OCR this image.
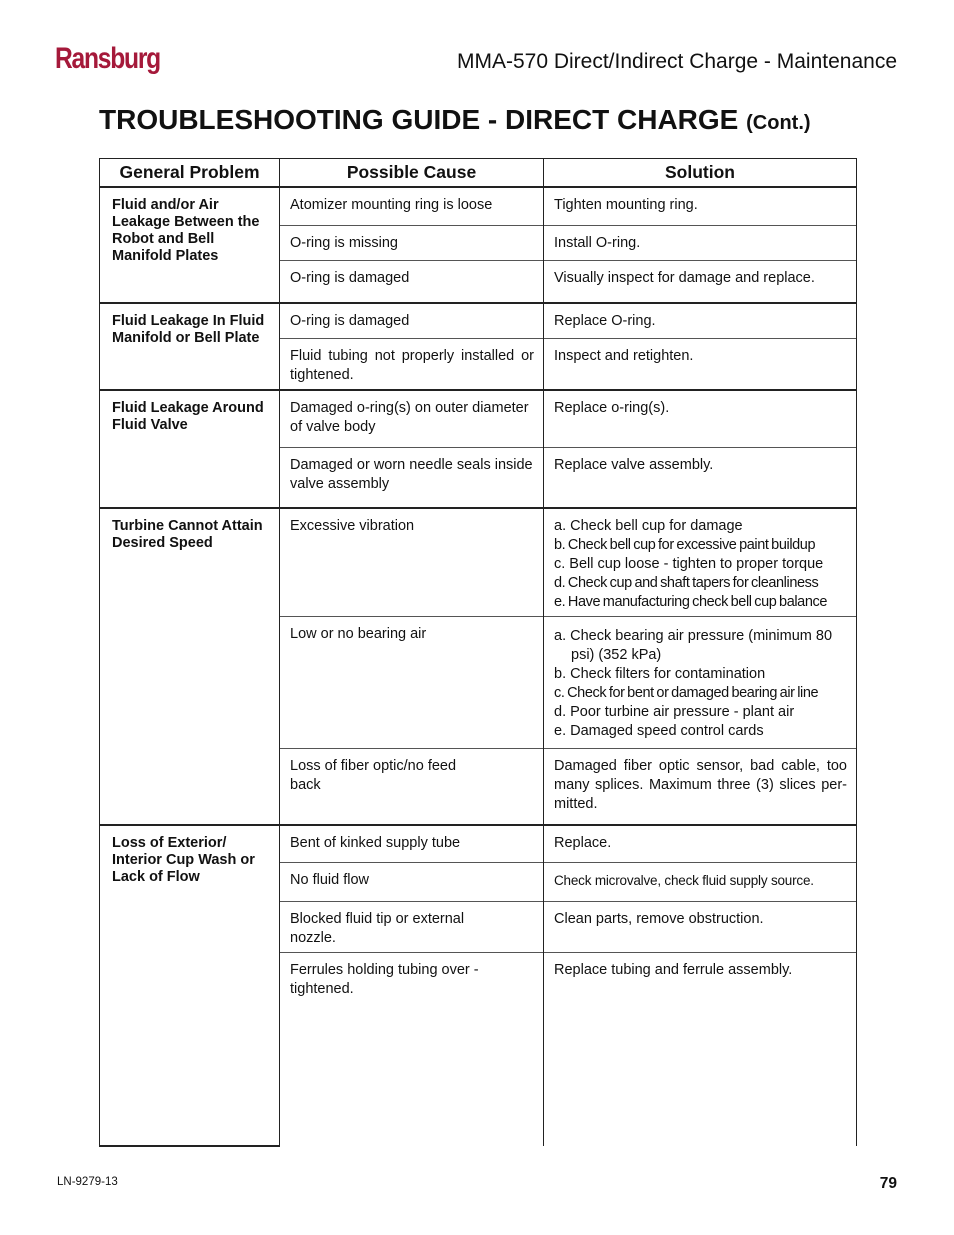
Ransburg	MMA-570 Direct/Indirect Charge - Maintenance
TROUBLESHOOTING GUIDE - DIRECT CHARGE (Cont.)
General Problem	Possible Cause	Solution
Fluid and/or Air Leakage Between the Robot and Bell Manifold Plates	Atomizer mounting ring is loose	Tighten mounting ring.
	O-ring is missing	Install O-ring.
	O-ring is damaged	Visually inspect for damage and replace.
Fluid Leakage In Fluid Manifold or Bell Plate	O-ring is damaged	Replace O-ring.
	Fluid tubing not properly installed or tightened.	Inspect and retighten.
Fluid Leakage Around Fluid Valve	Damaged o-ring(s) on outer diameter of valve body	Replace o-ring(s).
	Damaged or worn needle seals inside valve assembly	Replace valve assembly.
Turbine Cannot Attain Desired Speed	Excessive vibration	a. Check bell cup for damage
b. Check bell cup for excessive paint buildup
c. Bell cup loose - tighten to proper torque
d. Check cup and shaft tapers for cleanliness
e. Have manufacturing check bell cup balance

	Low or no bearing air	a. Check bearing air pressure (minimum 80 psi) (352 kPa)
b. Check filters for contamination
c. Check for bent or damaged bearing air line
d. Poor turbine air pressure - plant air
e. Damaged speed control cards

	Loss of fiber optic/no feed back	Damaged fiber optic sensor, bad cable, too many splices. Maximum three (3) slices per-mitted.
Loss of Exterior/ Interior Cup Wash or Lack of Flow	Bent of kinked supply tube	Replace.
	No fluid flow	Check microvalve, check fluid supply source.
	Blocked fluid tip or external nozzle.	Clean parts, remove obstruction.
	Ferrules holding tubing over -tightened.	Replace tubing and ferrule assembly.
LN-9279-13	79
